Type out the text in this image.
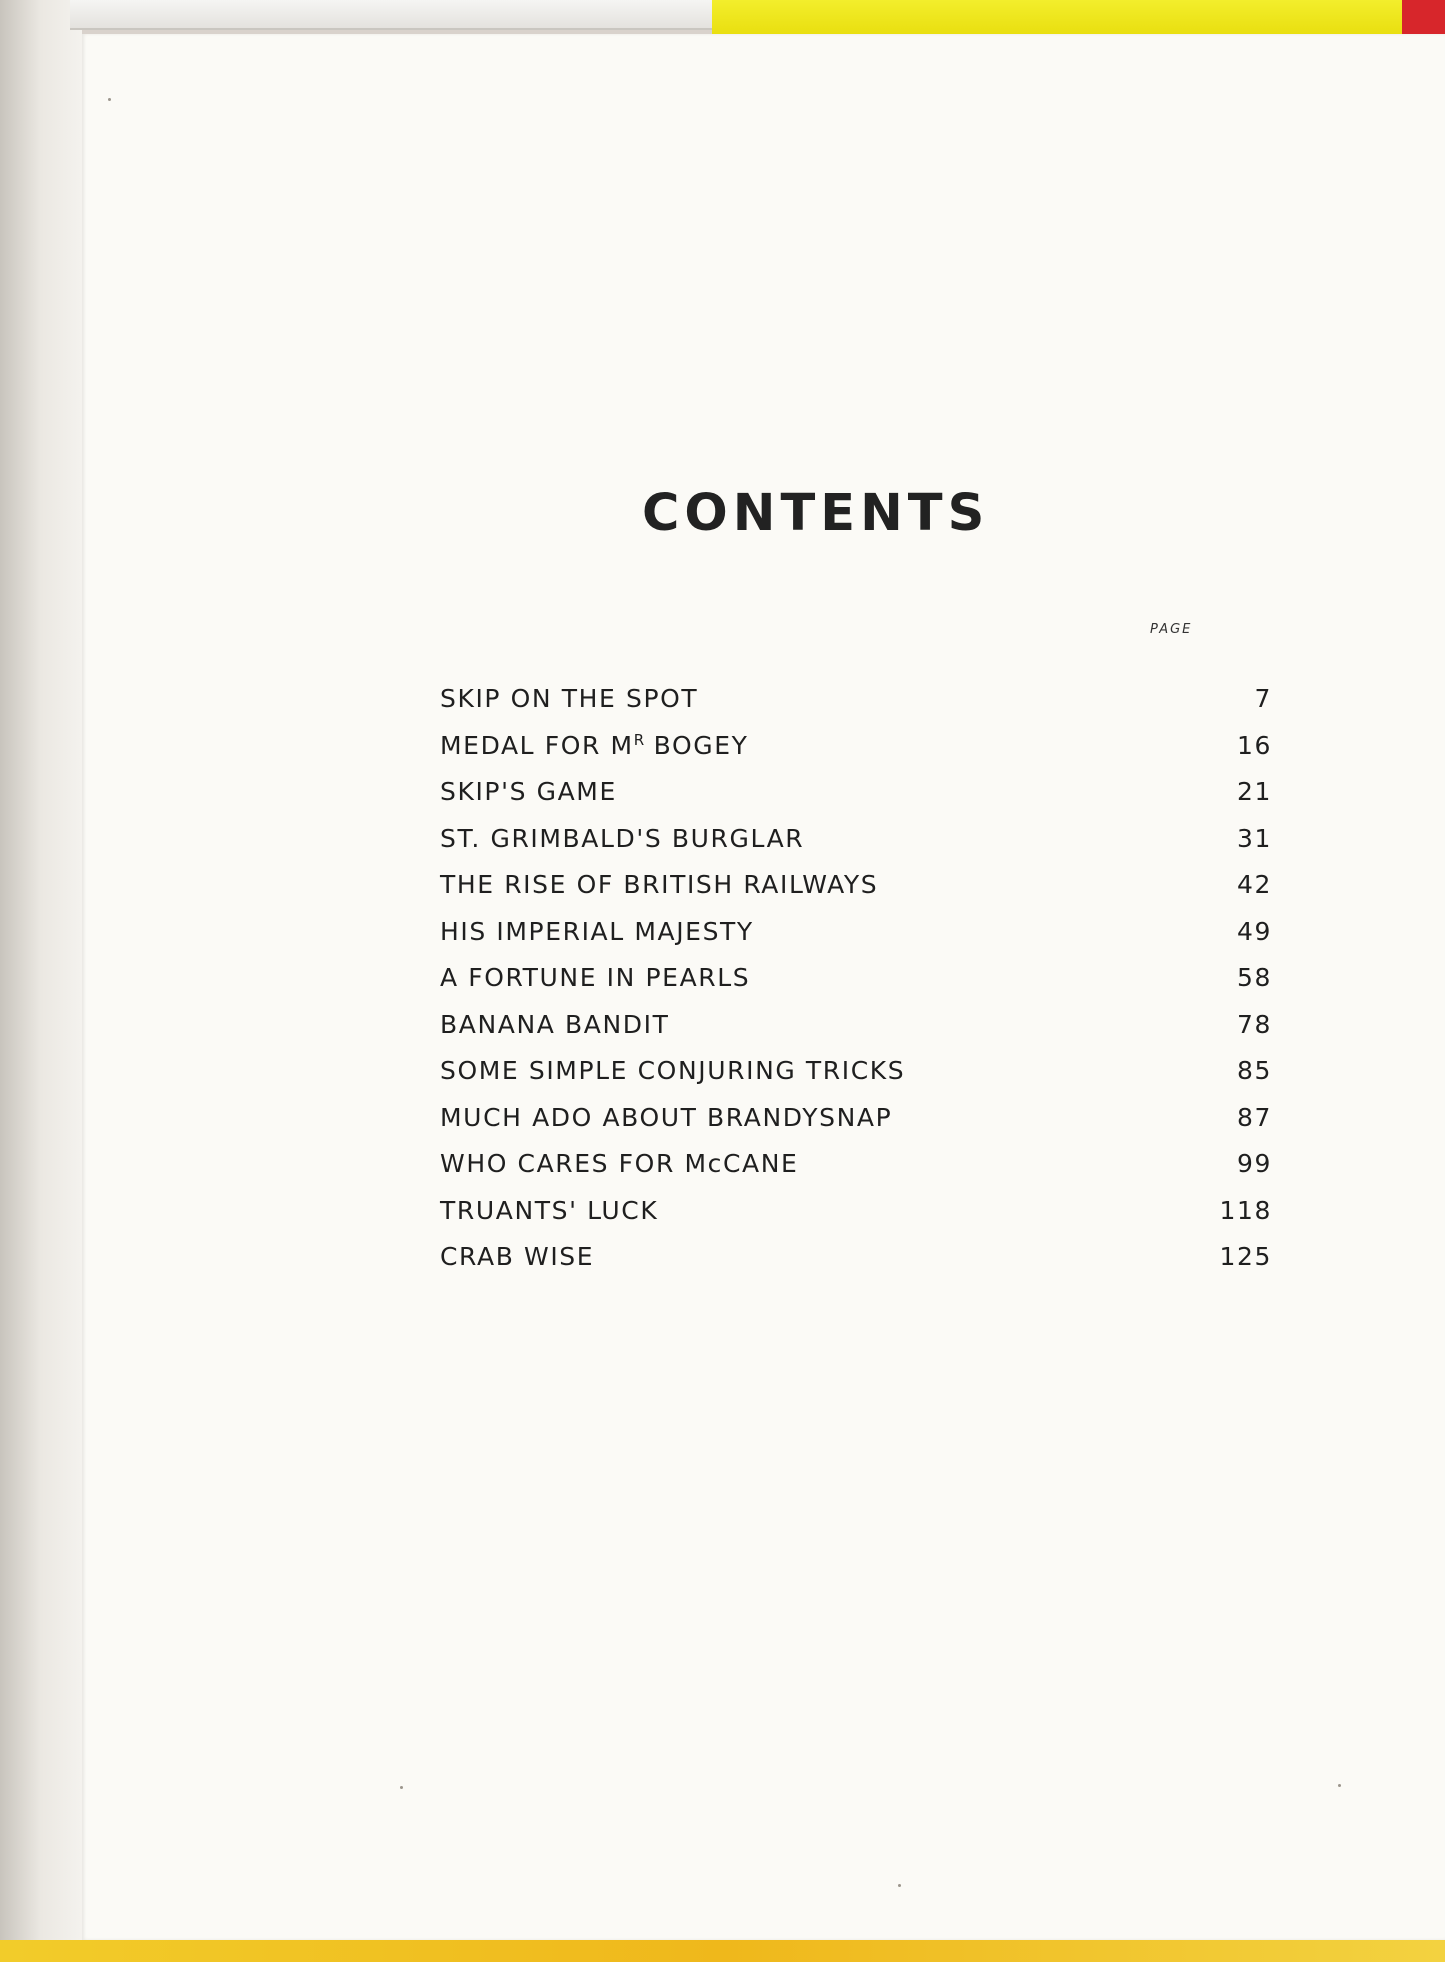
CONTENTS
PAGE
SKIP ON THE SPOT	7
MEDAL FOR $M^R$ BOGEY	16
SKIP'S GAME	21
ST. GRIMBALD'S BURGLAR	31
THE RISE OF BRITISH RAILWAYS	42
HIS IMPERIAL MAJESTY	49
A FORTUNE IN PEARLS	58
BANANA BANDIT	78
SOME SIMPLE CONJURING TRICKS	85
MUCH ADO ABOUT BRANDYSNAP	87
WHO CARES FOR McCANE	99
TRUANTS' LUCK	118
CRAB WISE	125
